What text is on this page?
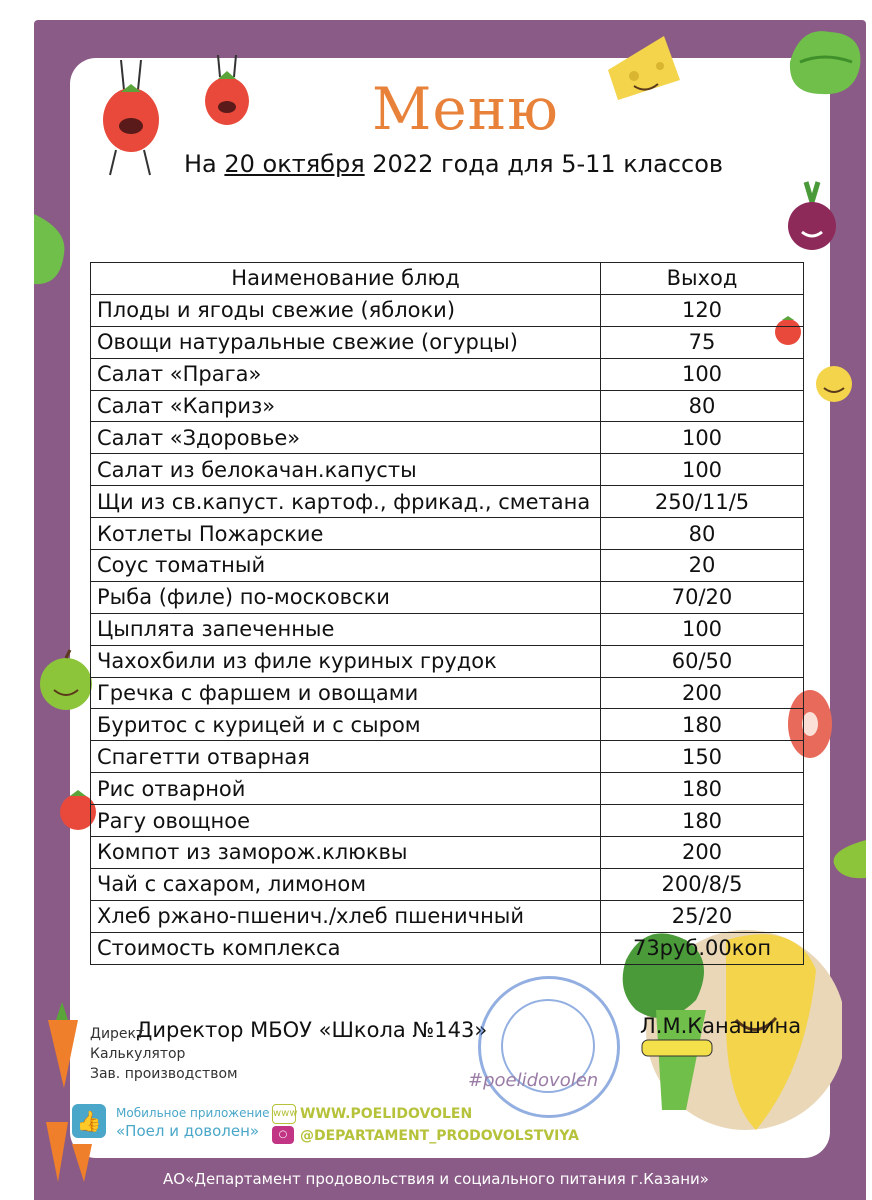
Меню
На 20 октября 2022 года для 5-11 классов
Наименование блюд	Выход
Плоды и ягоды свежие (яблоки)	120
Овощи натуральные свежие (огурцы)	75
Салат «Прага»	100
Салат «Каприз»	80
Салат «Здоровье»	100
Салат из белокачан.капусты	100
Щи из св.капуст. картоф., фрикад., сметана	250/11/5
Котлеты Пожарские	80
Соус томатный	20
Рыба (филе) по-московски	70/20
Цыплята запеченные	100
Чахохбили из филе куриных грудок	60/50
Гречка с фаршем и овощами	200
Буритос с курицей и с сыром	180
Спагетти отварная	150
Рис отварной	180
Рагу овощное	180
Компот из заморож.клюквы	200
Чай с сахаром, лимоном	200/8/5
Хлеб ржано-пшенич./хлеб пшеничный	25/20
Стоимость комплекса	73руб.00коп
Директор МБОУ «Школа №143»	Л.М.Канашина
Директ
Калькулятор
Зав. производством	#poelidovolen
👍	Мобильное приложение
«Поел и доволен»
www WWW.POELIDOVOLEN
○ @DEPARTAMENT_PRODOVOLSTVIYA
АО«Департамент продовольствия и социального питания г.Казани»
